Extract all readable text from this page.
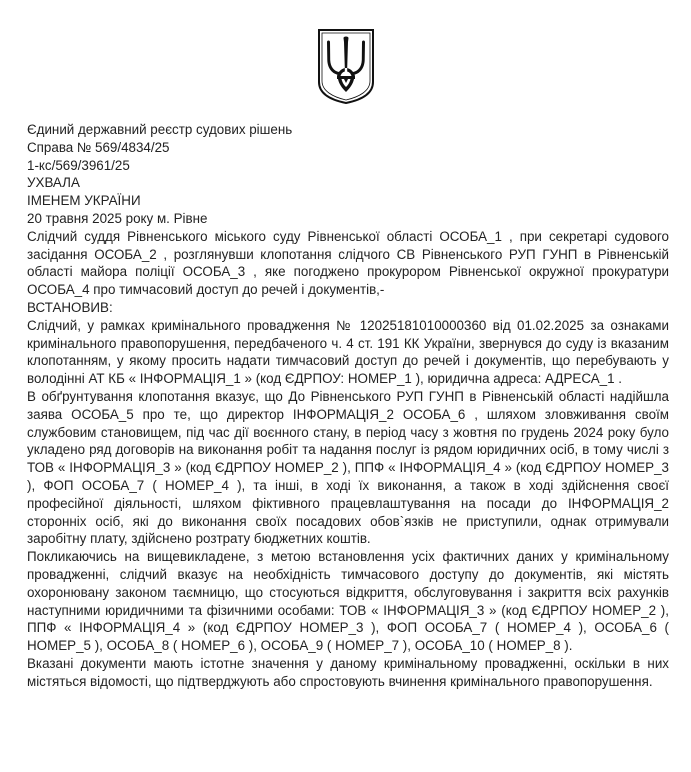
Єдиний державний реєстр судових рішень
Справа № 569/4834/25
1-кс/569/3961/25
УХВАЛА
ІМЕНЕМ УКРАЇНИ
20 травня 2025 року м. Рівне
Слідчий суддя Рівненського міського суду Рівненської області ОСОБА_1 , при секретарі судового засідання ОСОБА_2 , розглянувши клопотання слідчого СВ Рівненського РУП ГУНП в Рівненській області майора поліції ОСОБА_3 , яке погоджено прокурором Рівненської окружної прокуратури ОСОБА_4 про тимчасовий доступ до речей і документів,-
ВСТАНОВИВ:
Слідчий, у рамках кримінального провадження № 12025181010000360 від 01.02.2025 за ознаками кримінального правопорушення, передбаченого ч. 4 ст. 191 КК України, звернувся до суду із вказаним клопотанням, у якому просить надати тимчасовий доступ до речей і документів, що перебувають у володінні АТ КБ « ІНФОРМАЦІЯ_1 » (код ЄДРПОУ: НОМЕР_1 ), юридична адреса: АДРЕСА_1 .
В обґрунтування клопотання вказує, що До Рівненського РУП ГУНП в Рівненській області надійшла заява ОСОБА_5 про те, що директор ІНФОРМАЦІЯ_2 ОСОБА_6 , шляхом зловживання своїм службовим становищем, під час дії воєнного стану, в період часу з жовтня по грудень 2024 року було укладено ряд договорів на виконання робіт та надання послуг із рядом юридичних осіб, в тому числі з ТОВ « ІНФОРМАЦІЯ_3 » (код ЄДРПОУ НОМЕР_2 ), ППФ « ІНФОРМАЦІЯ_4 » (код ЄДРПОУ НОМЕР_3 ), ФОП ОСОБА_7 ( НОМЕР_4 ), та інші, в ході їх виконання, а також в ході здійснення своєї професійної діяльності, шляхом фіктивного працевлаштування на посади до ІНФОРМАЦІЯ_2 сторонніх осіб, які до виконання своїх посадових обов`язків не приступили, однак отримували заробітну плату, здійснено розтрату бюджетних коштів.
Покликаючись на вищевикладене, з метою встановлення усіх фактичних даних у кримінальному провадженні, слідчий вказує на необхідність тимчасового доступу до документів, які містять охоронювану законом таємницю, що стосуються відкриття, обслуговування і закриття всіх рахунків наступними юридичними та фізичними особами: ТОВ « ІНФОРМАЦІЯ_3 » (код ЄДРПОУ НОМЕР_2 ), ППФ « ІНФОРМАЦІЯ_4 » (код ЄДРПОУ НОМЕР_3 ), ФОП ОСОБА_7 ( НОМЕР_4 ), ОСОБА_6 ( НОМЕР_5 ), ОСОБА_8 ( НОМЕР_6 ), ОСОБА_9 ( НОМЕР_7 ), ОСОБА_10 ( НОМЕР_8 ).
Вказані документи мають істотне значення у даному кримінальному провадженні, оскільки в них містяться відомості, що підтверджують або спростовують вчинення кримінального правопорушення.
